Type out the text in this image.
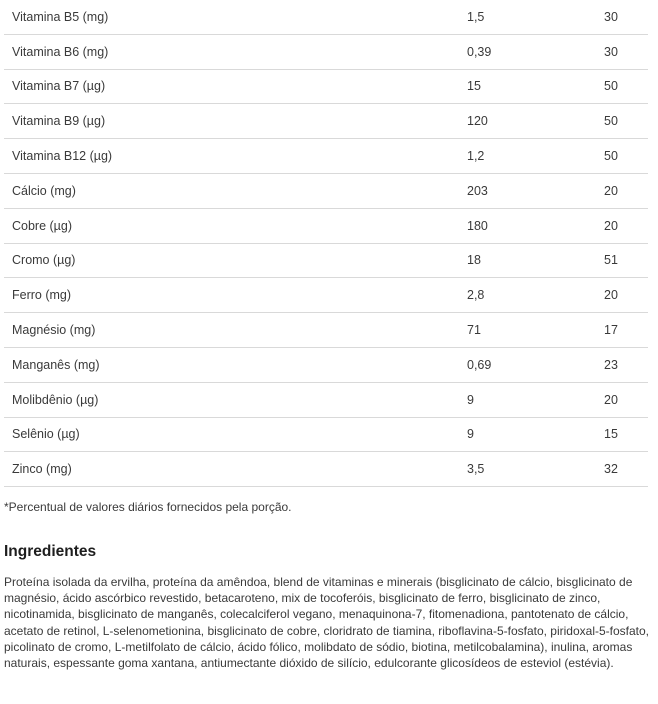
Vitamina B5 (mg)	1,5	30
Vitamina B6 (mg)	0,39	30
Vitamina B7 (µg)	15	50
Vitamina B9 (µg)	120	50
Vitamina B12 (µg)	1,2	50
Cálcio (mg)	203	20
Cobre (µg)	180	20
Cromo (µg)	18	51
Ferro (mg)	2,8	20
Magnésio (mg)	71	17
Manganês (mg)	0,69	23
Molibdênio (µg)	9	20
Selênio (µg)	9	15
Zinco (mg)	3,5	32
*Percentual de valores diários fornecidos pela porção.
Ingredientes
Proteína isolada da ervilha, proteína da amêndoa, blend de vitaminas e minerais (bisglicinato de cálcio, bisglicinato de magnésio, ácido ascórbico revestido, betacaroteno, mix de tocoferóis, bisglicinato de ferro, bisglicinato de zinco, nicotinamida, bisglicinato de manganês, colecalciferol vegano, menaquinona-7, fitomenadiona, pantotenato de cálcio, acetato de retinol, L-selenometionina, bisglicinato de cobre, cloridrato de tiamina, riboflavina-5-fosfato, piridoxal-5-fosfato, picolinato de cromo, L-metilfolato de cálcio, ácido fólico, molibdato de sódio, biotina, metilcobalamina), inulina, aromas naturais, espessante goma xantana, antiumectante dióxido de silício, edulcorante glicosídeos de esteviol (estévia).
